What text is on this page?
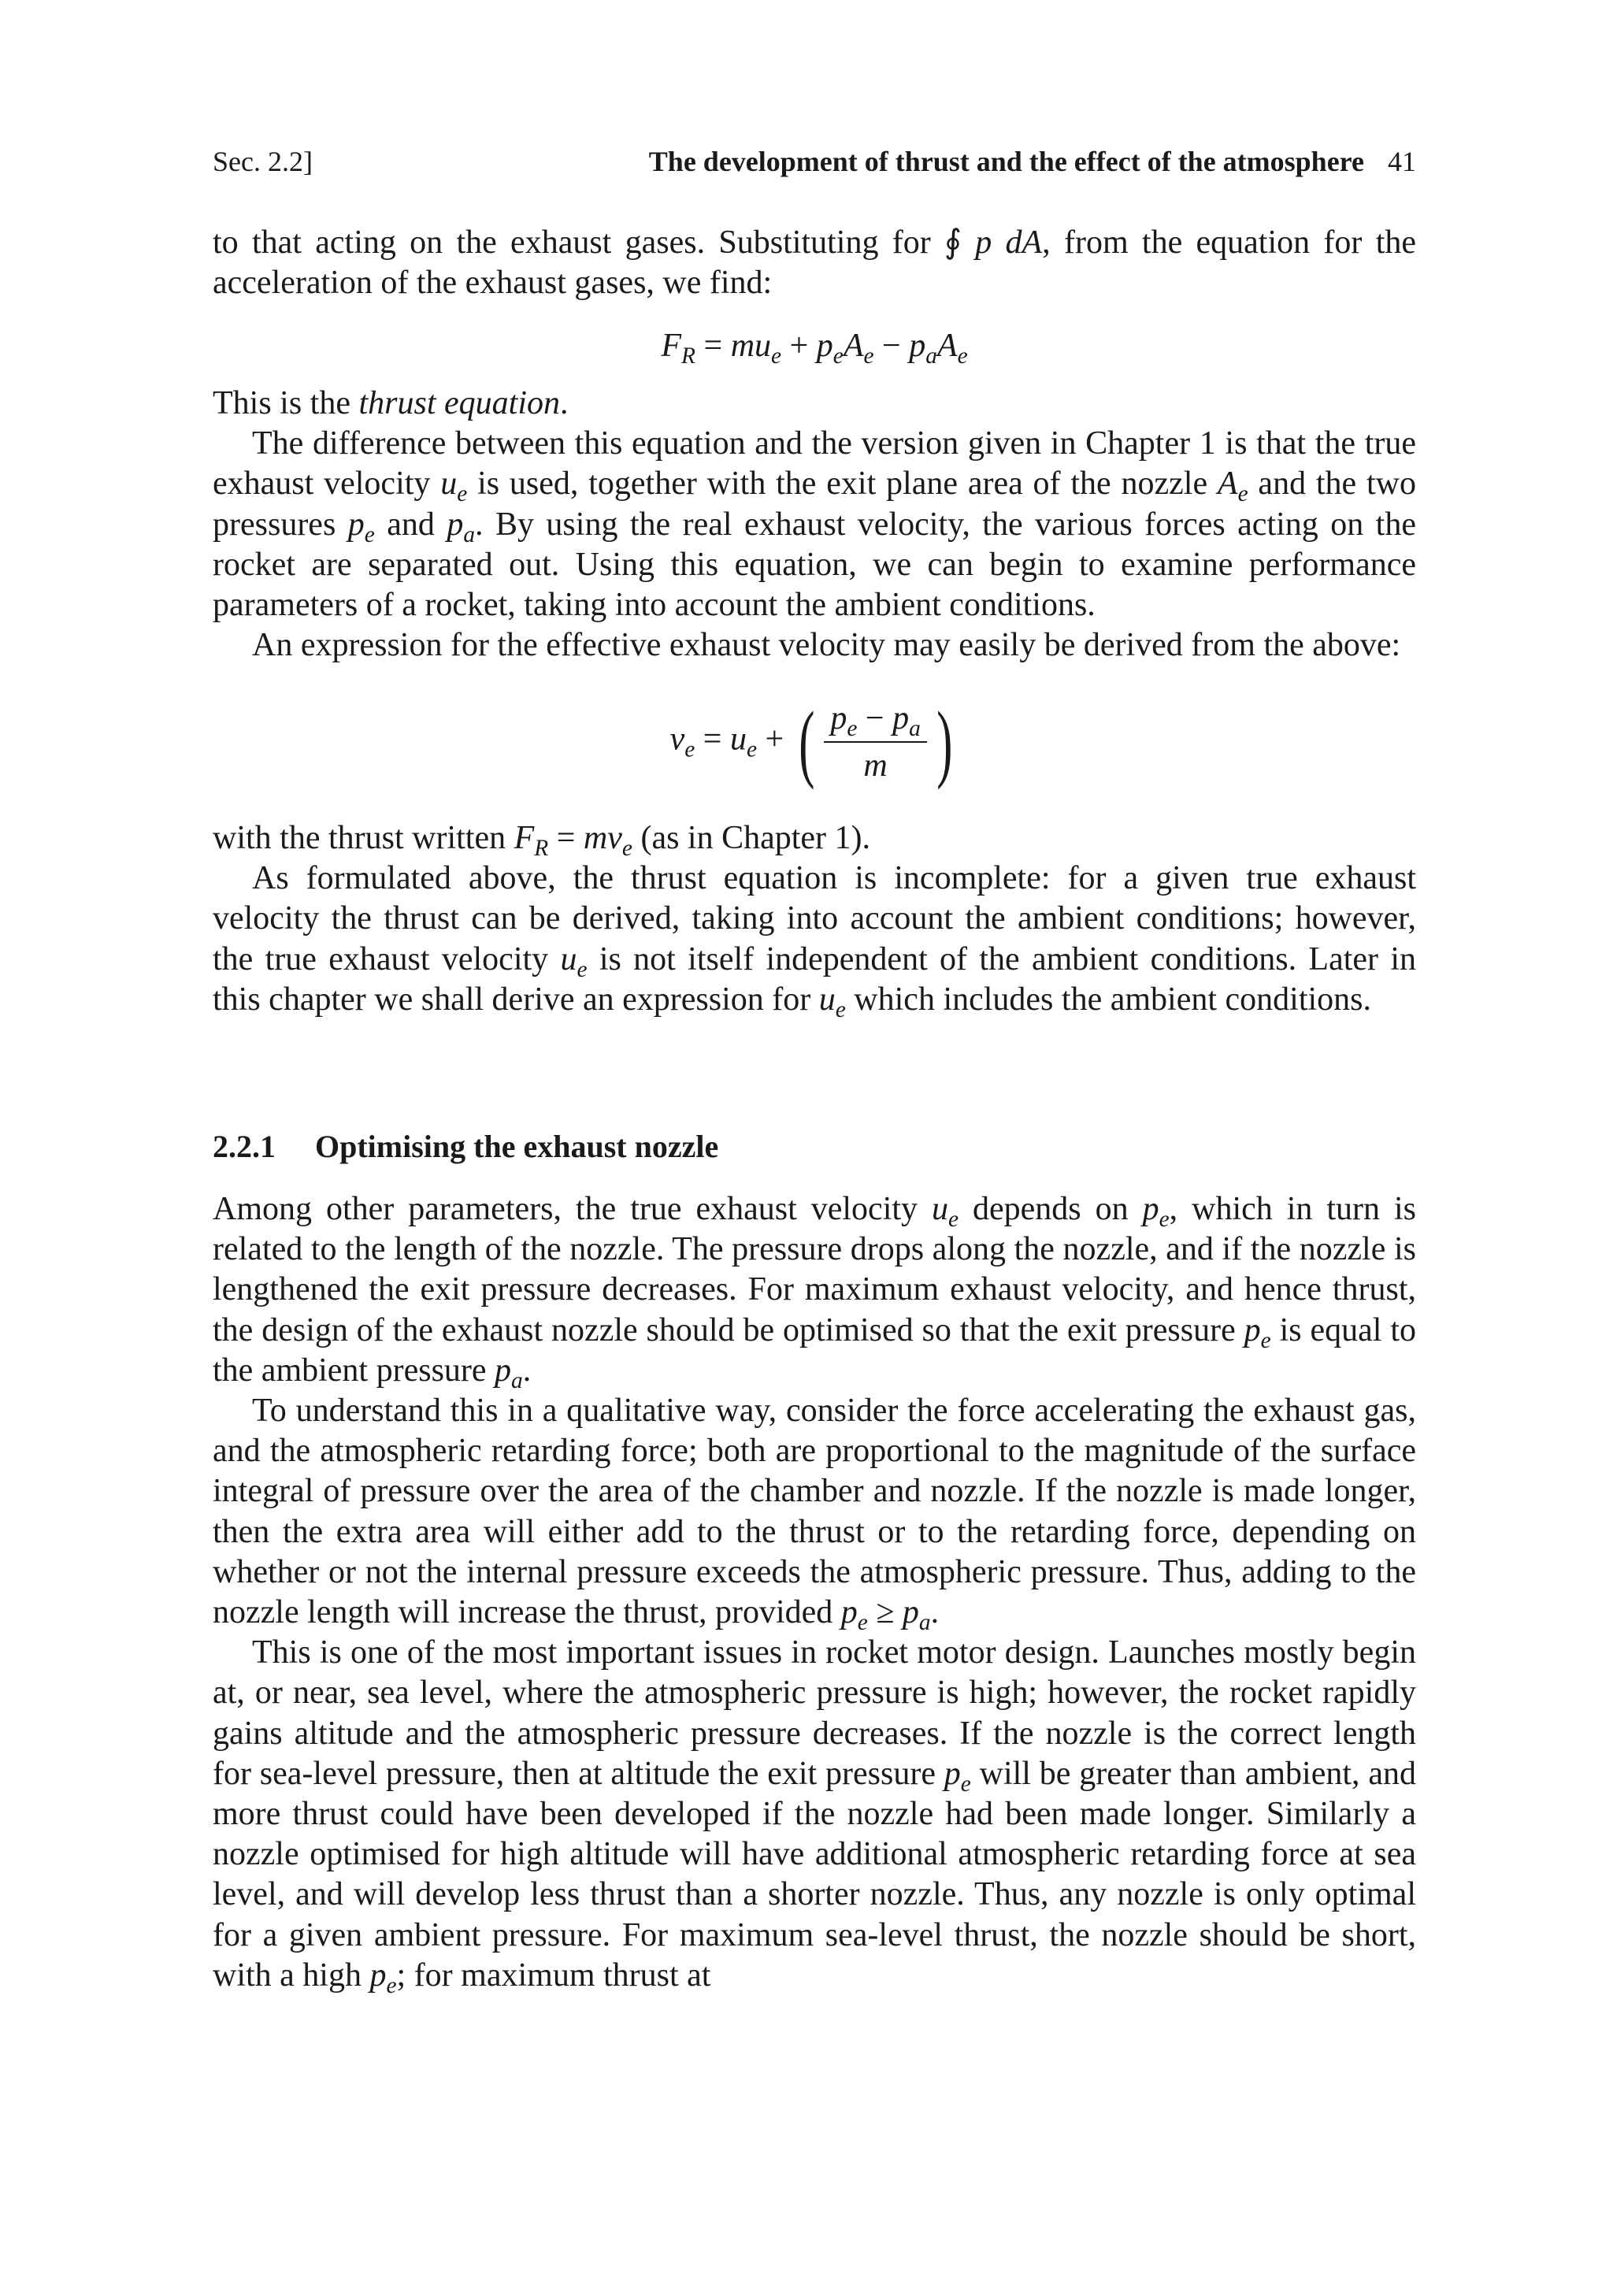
Sec. 2.2]	The development of thrust and the effect of the atmosphere 41

to that acting on the exhaust gases. Substituting for ∮ p dA, from the equation for the acceleration of the exhaust gases, we find:

$F_R = mu_e + p_eA_e - p_aA_e$

This is the thrust equation.

The difference between this equation and the version given in Chapter 1 is that the true exhaust velocity $u_e$ is used, together with the exit plane area of the nozzle $A_e$ and the two pressures $p_e$ and $p_a$. By using the real exhaust velocity, the various forces acting on the rocket are separated out. Using this equation, we can begin to examine performance parameters of a rocket, taking into account the ambient conditions.

An expression for the effective exhaust velocity may easily be derived from the above:

$v_e = u_e$ + ( $\frac{p_e - p_a}{m}$ )

with the thrust written $F_R = mv_e$ (as in Chapter 1).

As formulated above, the thrust equation is incomplete: for a given true exhaust velocity the thrust can be derived, taking into account the ambient conditions; however, the true exhaust velocity $u_e$ is not itself independent of the ambient conditions. Later in this chapter we shall derive an expression for $u_e$ which includes the ambient conditions.

2.2.1 Optimising the exhaust nozzle

Among other parameters, the true exhaust velocity $u_e$ depends on $p_e$, which in turn is related to the length of the nozzle. The pressure drops along the nozzle, and if the nozzle is lengthened the exit pressure decreases. For maximum exhaust velocity, and hence thrust, the design of the exhaust nozzle should be optimised so that the exit pressure $p_e$ is equal to the ambient pressure $p_a$.

To understand this in a qualitative way, consider the force accelerating the exhaust gas, and the atmospheric retarding force; both are proportional to the magnitude of the surface integral of pressure over the area of the chamber and nozzle. If the nozzle is made longer, then the extra area will either add to the thrust or to the retarding force, depending on whether or not the internal pressure exceeds the atmospheric pressure. Thus, adding to the nozzle length will increase the thrust, provided $p_e \ge p_a$.

This is one of the most important issues in rocket motor design. Launches mostly begin at, or near, sea level, where the atmospheric pressure is high; however, the rocket rapidly gains altitude and the atmospheric pressure decreases. If the nozzle is the correct length for sea-level pressure, then at altitude the exit pressure $p_e$ will be greater than ambient, and more thrust could have been developed if the nozzle had been made longer. Similarly a nozzle optimised for high altitude will have additional atmospheric retarding force at sea level, and will develop less thrust than a shorter nozzle. Thus, any nozzle is only optimal for a given ambient pressure. For maximum sea-level thrust, the nozzle should be short, with a high $p_e$; for maximum thrust at
